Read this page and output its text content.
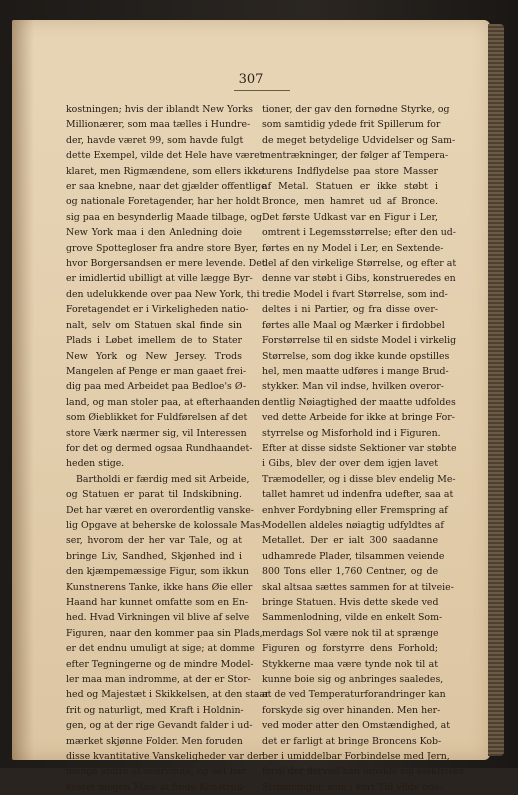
307
kostningen; hvis der iblandt New Yorks
Millionærer, som maa tælles i Hundre-
der, havde været 99, som havde fulgt
dette Exempel, vilde det Hele have været
klaret, men Rigmændene, som ellers ikke
er saa knebne, naar det gjælder offentlige
og nationale Foretagender, har her holdt
sig paa en besynderlig Maade tilbage, og
New York maa i den Anledning doie
grove Spottegloser fra andre store Byer,
hvor Borgersandsen er mere levende. Det
er imidlertid ubilligt at ville lægge Byr-
den udelukkende over paa New York, thi
Foretagendet er i Virkeligheden natio-
nalt, selv om Statuen skal finde sin
Plads i Løbet imellem de to Stater
New York og New Jersey. Trods
Mangelen af Penge er man gaaet frei-
dig paa med Arbeidet paa Bedloe's Ø-
land, og man stoler paa, at efterhaanden
som Øieblikket for Fuldførelsen af det
store Værk nærmer sig, vil Interessen
for det og dermed ogsaa Rundhaandet-
heden stige.
Bartholdi er færdig med sit Arbeide,
og Statuen er parat til Indskibning.
Det har været en overordentlig vanske-
lig Opgave at beherske de kolossale Mas-
ser, hvorom der her var Tale, og at
bringe Liv, Sandhed, Skjønhed ind i
den kjæmpemæssige Figur, som ikkun
Kunstnerens Tanke, ikke hans Øie eller
Haand har kunnet omfatte som en En-
hed. Hvad Virkningen vil blive af selve
Figuren, naar den kommer paa sin Plads,
er det endnu umuligt at sige; at domme
efter Tegningerne og de mindre Model-
ler maa man indromme, at der er Stor-
hed og Majestæt i Skikkelsen, at den staar
frit og naturligt, med Kraft i Holdnin-
gen, og at der rige Gevandt falder i ud-
mærket skjønne Folder. Men foruden
disse kvantitative Vanskeligheder var der
mange andre at overvinde, og det har
kostet megen Møie at finde Konstruk-
tioner, der gav den fornødne Styrke, og
som samtidig ydede frit Spillerum for
de meget betydelige Udvidelser og Sam-
mentrækninger, der følger af Tempera-
turens Indflydelse paa store Masser
af Metal. Statuen er ikke støbt i
Bronce, men hamret ud af Bronce.
Det første Udkast var en Figur i Ler,
omtrent i Legemsstørrelse; efter den ud-
førtes en ny Model i Ler, en Sextende-
del af den virkelige Størrelse, og efter at
denne var støbt i Gibs, konstrueredes en
tredie Model i fvart Størrelse, som ind-
deltes i ni Partier, og fra disse over-
førtes alle Maal og Mærker i firdobbel
Forstørrelse til en sidste Model i virkelig
Størrelse, som dog ikke kunde opstilles
hel, men maatte udføres i mange Brud-
stykker. Man vil indse, hvilken overor-
dentlig Nøiagtighed der maatte udfoldes
ved dette Arbeide for ikke at bringe For-
styrrelse og Misforhold ind i Figuren.
Efter at disse sidste Sektioner var støbte
i Gibs, blev der over dem igjen lavet
Træmodeller, og i disse blev endelig Me-
tallet hamret ud indenfra udefter, saa at
enhver Fordybning eller Fremspring af
Modellen aldeles nøiagtig udfyldtes af
Metallet. Der er ialt 300 saadanne
udhamrede Plader, tilsammen veiende
800 Tons eller 1,760 Centner, og de
skal altsaa sættes sammen for at tilveie-
bringe Statuen. Hvis dette skede ved
Sammenlodning, vilde en enkelt Som-
merdags Sol være nok til at sprænge
Figuren og forstyrre dens Forhold;
Stykkerne maa være tynde nok til at
kunne boie sig og anbringes saaledes,
at de ved Temperaturforandringer kan
forskyde sig over hinanden. Men her-
ved moder atter den Omstændighed, at
det er farligt at bringe Broncens Kob-
ber i umiddelbar Forbindelse med Jern,
fordi der derved kan udvikle sig elektriske
Strømninger, som i kort Tid vilde ode-
